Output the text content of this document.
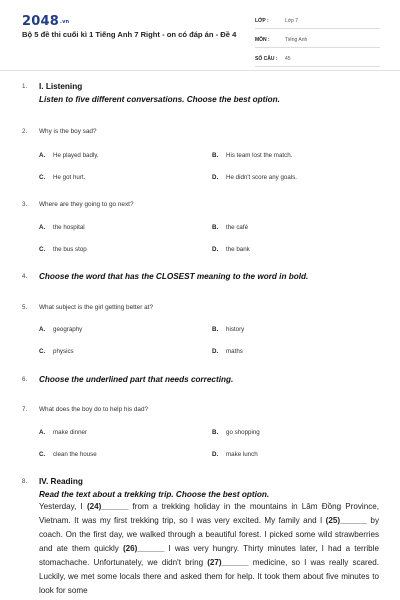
2048.vn
Bộ 5 đề thi cuối kì 1 Tiếng Anh 7 Right - on có đáp án - Đề 4
LỚP :	Lớp 7
MÔN :	Tiếng Anh
SỐ CÂU : 45
1. I. Listening
Listen to five different conversations. Choose the best option.
2. Why is the boy sad?
A. He played badly.	B. His team lost the match.
C. He got hurt.	D. He didn't score any goals.
3. Where are they going to go next?
A. the hospital	B. the café
C. the bus stop	D. the bank
4. Choose the word that has the CLOSEST meaning to the word in bold.
5. What subject is the girl getting better at?
A. geography	B. history
C. physics	D. maths
6. Choose the underlined part that needs correcting.
7. What does the boy do to help his dad?
A. make dinner	B. go shopping
C. clean the house	D. make lunch
8. IV. Reading
Read the text about a trekking trip. Choose the best option.
Yesterday, I (24)______ from a trekking holiday in the mountains in Lâm Đồng Province, Vietnam. It was my first trekking trip, so I was very excited. My family and I (25)______ by coach. On the first day, we walked through a beautiful forest. I picked some wild strawberries and ate them quickly (26)______ I was very hungry. Thirty minutes later, I had a terrible stomachache. Unfortunately, we didn't bring (27)______ medicine, so I was really scared. Luckily, we met some locals there and asked them for help. It took them about five minutes to look for some
